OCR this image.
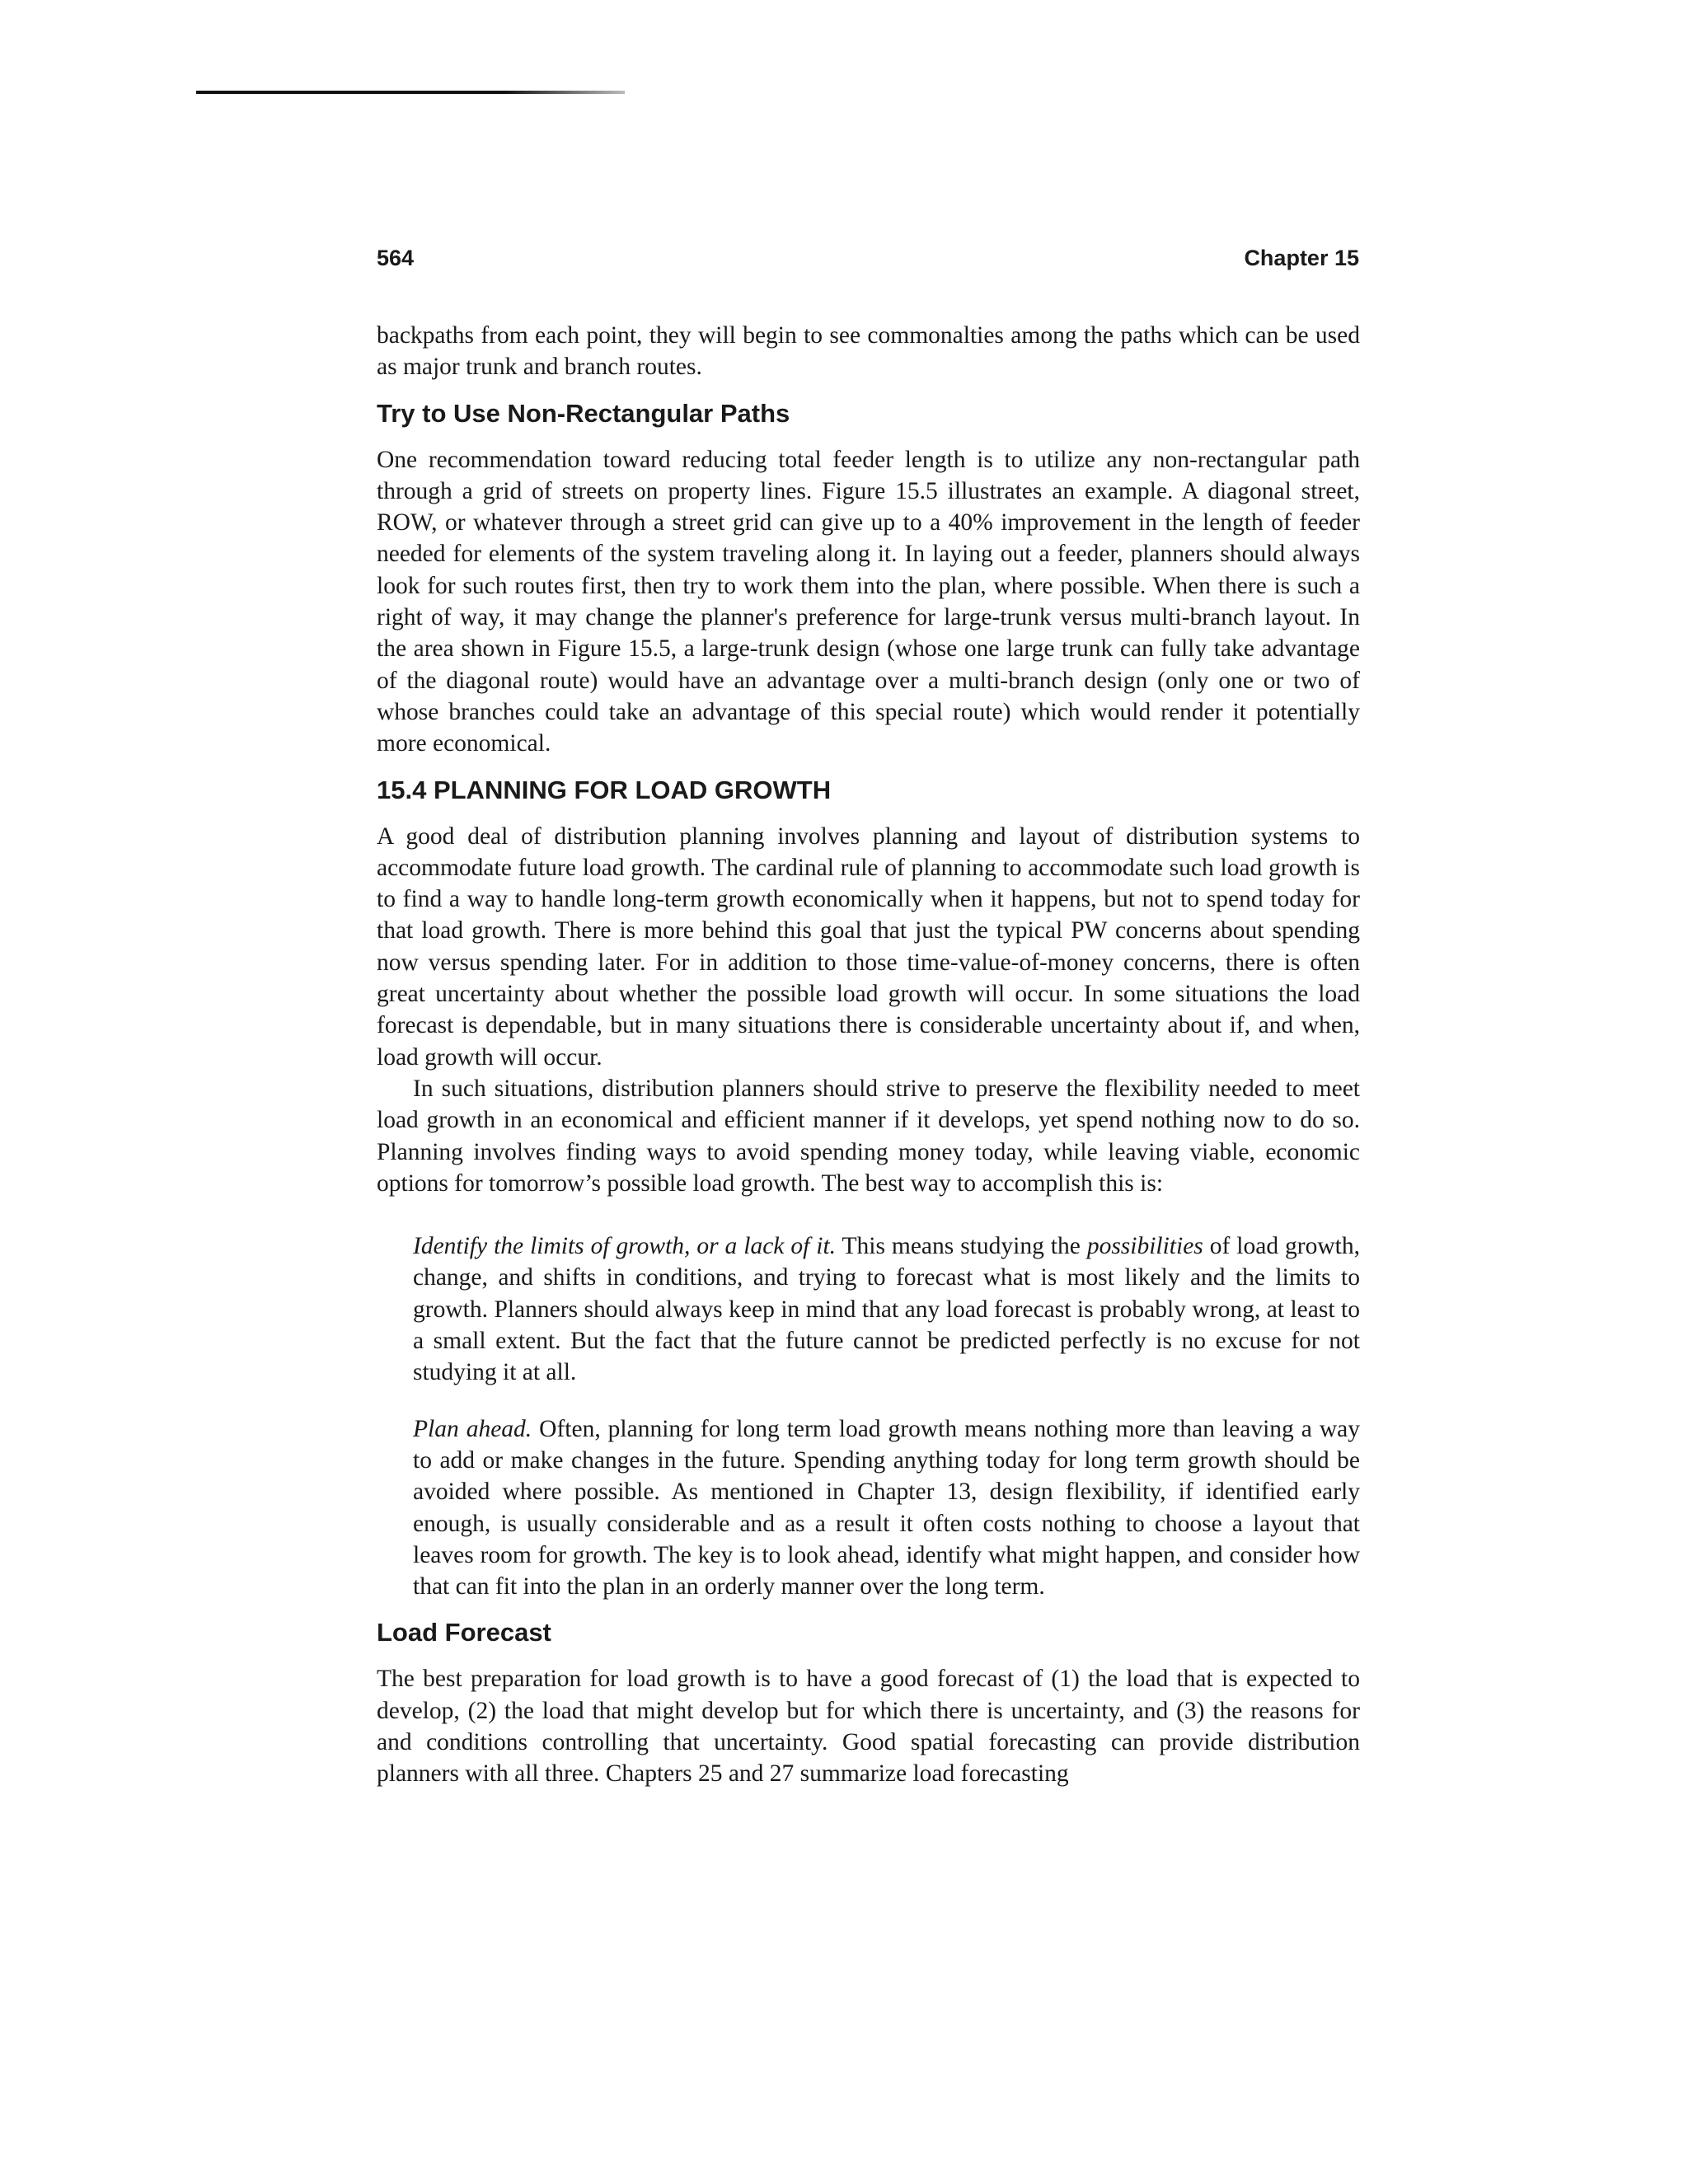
564	Chapter 15

backpaths from each point, they will begin to see commonalties among the paths which can be used as major trunk and branch routes.

Try to Use Non-Rectangular Paths

One recommendation toward reducing total feeder length is to utilize any non-rectangular path through a grid of streets on property lines. Figure 15.5 illustrates an example. A diagonal street, ROW, or whatever through a street grid can give up to a 40% improvement in the length of feeder needed for elements of the system traveling along it. In laying out a feeder, planners should always look for such routes first, then try to work them into the plan, where possible. When there is such a right of way, it may change the planner's preference for large-trunk versus multi-branch layout. In the area shown in Figure 15.5, a large-trunk design (whose one large trunk can fully take advantage of the diagonal route) would have an advantage over a multi-branch design (only one or two of whose branches could take an advantage of this special route) which would render it potentially more economical.

15.4 PLANNING FOR LOAD GROWTH

A good deal of distribution planning involves planning and layout of distribution systems to accommodate future load growth. The cardinal rule of planning to accommodate such load growth is to find a way to handle long-term growth economically when it happens, but not to spend today for that load growth. There is more behind this goal that just the typical PW concerns about spending now versus spending later. For in addition to those time-value-of-money concerns, there is often great uncertainty about whether the possible load growth will occur. In some situations the load forecast is dependable, but in many situations there is considerable uncertainty about if, and when, load growth will occur.

In such situations, distribution planners should strive to preserve the flexibility needed to meet load growth in an economical and efficient manner if it develops, yet spend nothing now to do so. Planning involves finding ways to avoid spending money today, while leaving viable, economic options for tomorrow’s possible load growth. The best way to accomplish this is:

Identify the limits of growth, or a lack of it. This means studying the possibilities of load growth, change, and shifts in conditions, and trying to forecast what is most likely and the limits to growth. Planners should always keep in mind that any load forecast is probably wrong, at least to a small extent. But the fact that the future cannot be predicted perfectly is no excuse for not studying it at all.
Plan ahead. Often, planning for long term load growth means nothing more than leaving a way to add or make changes in the future. Spending anything today for long term growth should be avoided where possible. As mentioned in Chapter 13, design flexibility, if identified early enough, is usually considerable and as a result it often costs nothing to choose a layout that leaves room for growth. The key is to look ahead, identify what might happen, and consider how that can fit into the plan in an orderly manner over the long term.
Load Forecast

The best preparation for load growth is to have a good forecast of (1) the load that is expected to develop, (2) the load that might develop but for which there is uncertainty, and (3) the reasons for and conditions controlling that uncertainty. Good spatial forecasting can provide distribution planners with all three. Chapters 25 and 27 summarize load forecasting
